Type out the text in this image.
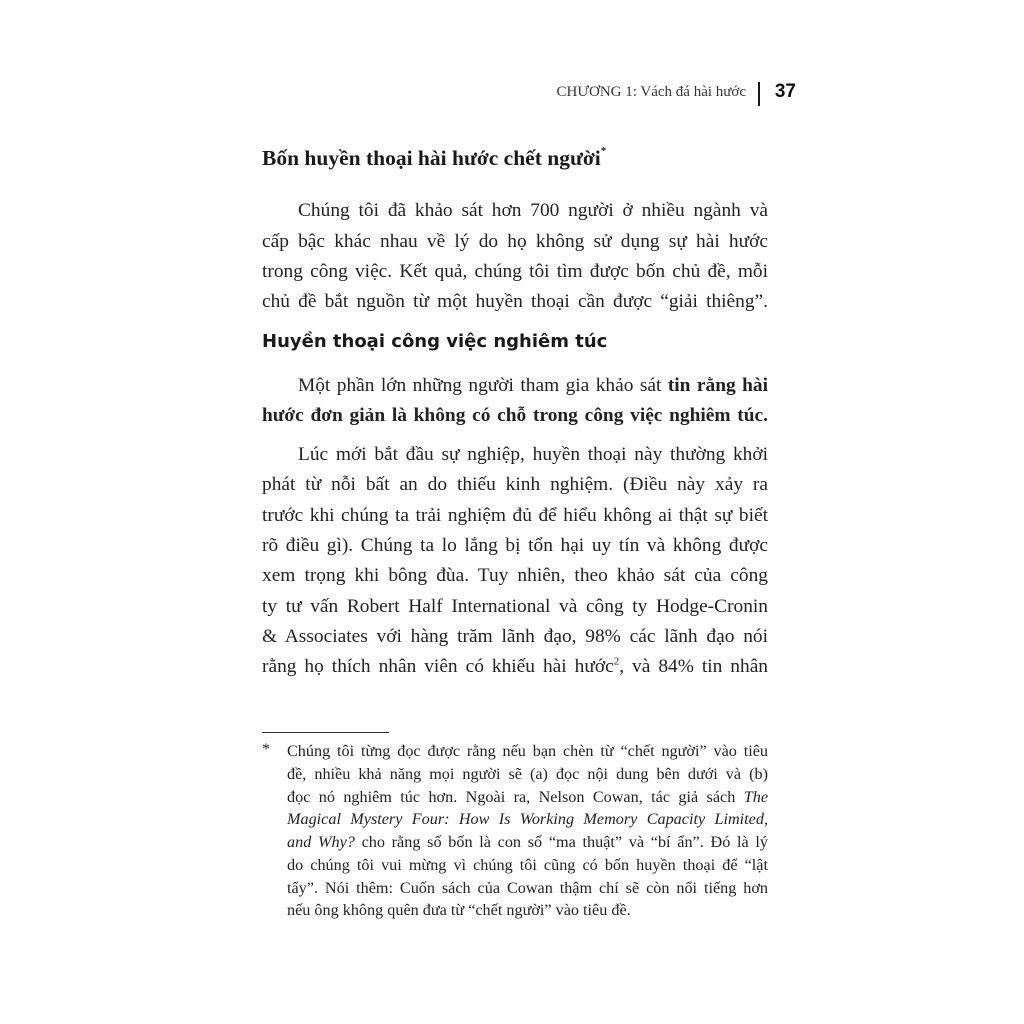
CHƯƠNG 1: Vách đá hài hước 37
Bốn huyền thoại hài hước chết người*
Chúng tôi đã khảo sát hơn 700 người ở nhiều ngành và
cấp bậc khác nhau về lý do họ không sử dụng sự hài hước
trong công việc. Kết quả, chúng tôi tìm được bốn chủ đề, mỗi
chủ đề bắt nguồn từ một huyền thoại cần được “giải thiêng”.
Huyền thoại công việc nghiêm túc
Một phần lớn những người tham gia khảo sát tin rằng hài
hước đơn giản là không có chỗ trong công việc nghiêm túc.
Lúc mới bắt đầu sự nghiệp, huyền thoại này thường khởi
phát từ nỗi bất an do thiếu kinh nghiệm. (Điều này xảy ra
trước khi chúng ta trải nghiệm đủ để hiểu không ai thật sự biết
rõ điều gì). Chúng ta lo lắng bị tổn hại uy tín và không được
xem trọng khi bông đùa. Tuy nhiên, theo khảo sát của công
ty tư vấn Robert Half International và công ty Hodge-Cronin
& Associates với hàng trăm lãnh đạo, 98% các lãnh đạo nói
rằng họ thích nhân viên có khiếu hài hước$^2$, và 84% tin nhân
* Chúng tôi từng đọc được rằng nếu bạn chèn từ “chết người” vào tiêu
đề, nhiều khả năng mọi người sẽ (a) đọc nội dung bên dưới và (b)
đọc nó nghiêm túc hơn. Ngoài ra, Nelson Cowan, tác giả sách The
Magical Mystery Four: How Is Working Memory Capacity Limited,
and Why? cho rằng số bốn là con số “ma thuật” và “bí ẩn”. Đó là lý
do chúng tôi vui mừng vì chúng tôi cũng có bốn huyền thoại để “lật
tẩy”. Nói thêm: Cuốn sách của Cowan thậm chí sẽ còn nổi tiếng hơn
nếu ông không quên đưa từ “chết người” vào tiêu đề.
